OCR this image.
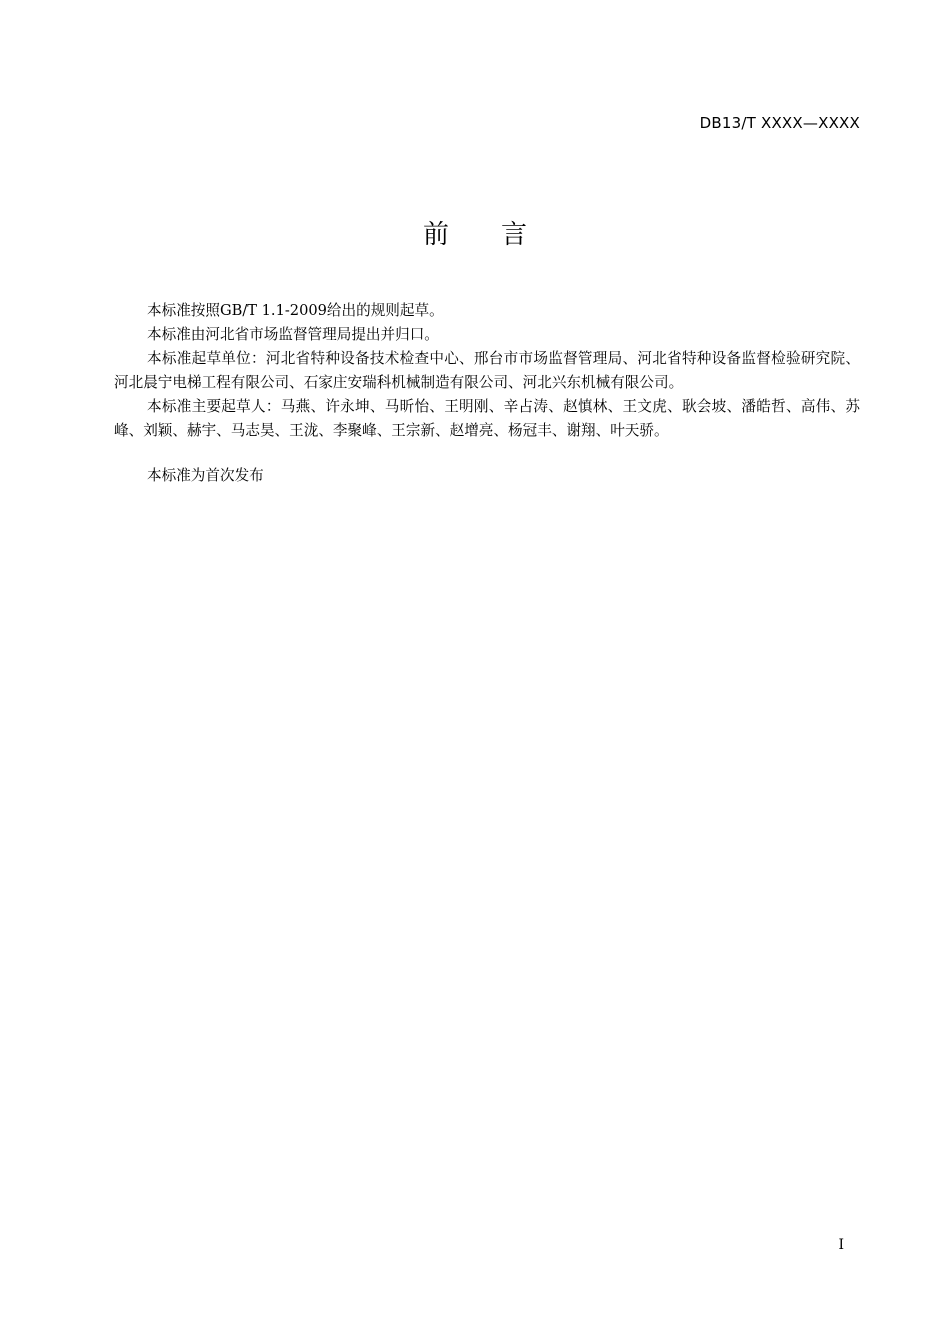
DB13/T XXXX—XXXX
前 言

本标准按照GB/T 1.1-2009给出的规则起草。

本标准由河北省市场监督管理局提出并归口。

本标准起草单位：河北省特种设备技术检查中心、邢台市市场监督管理局、河北省特种设备监督检验研究院、河北晨宁电梯工程有限公司、石家庄安瑞科机械制造有限公司、河北兴东机械有限公司。

本标准主要起草人：马燕、许永坤、马昕怡、王明刚、辛占涛、赵慎林、王文虎、耿会坡、潘皓哲、高伟、苏峰、刘颖、赫宇、马志昊、王泷、李聚峰、王宗新、赵增亮、杨冠丰、谢翔、叶天骄。

本标准为首次发布

I
